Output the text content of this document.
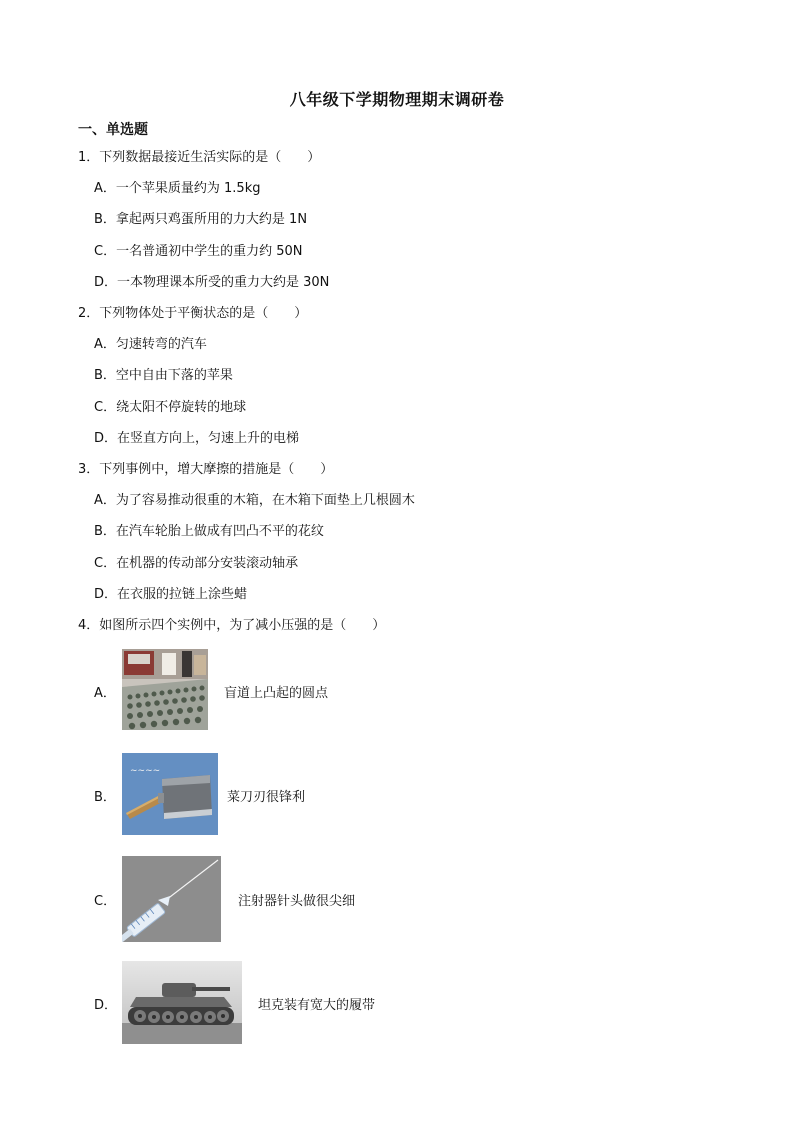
八年级下学期物理期末调研卷
一、单选题
1．下列数据最接近生活实际的是（　　）
A．一个苹果质量约为 1.5kg
B．拿起两只鸡蛋所用的力大约是 1N
C．一名普通初中学生的重力约 50N
D．一本物理课本所受的重力大约是 30N
2．下列物体处于平衡状态的是（　　）
A．匀速转弯的汽车
B．空中自由下落的苹果
C．绕太阳不停旋转的地球
D．在竖直方向上，匀速上升的电梯
3．下列事例中，增大摩擦的措施是（　　）
A．为了容易推动很重的木箱，在木箱下面垫上几根圆木
B．在汽车轮胎上做成有凹凸不平的花纹
C．在机器的传动部分安装滚动轴承
D．在衣服的拉链上涂些蜡
4．如图所示四个实例中，为了减小压强的是（　　）
A．	盲道上凸起的圆点
B．
~~~~
菜刀刃很锋利
C．	注射器针头做很尖细
D．	坦克装有宽大的履带
